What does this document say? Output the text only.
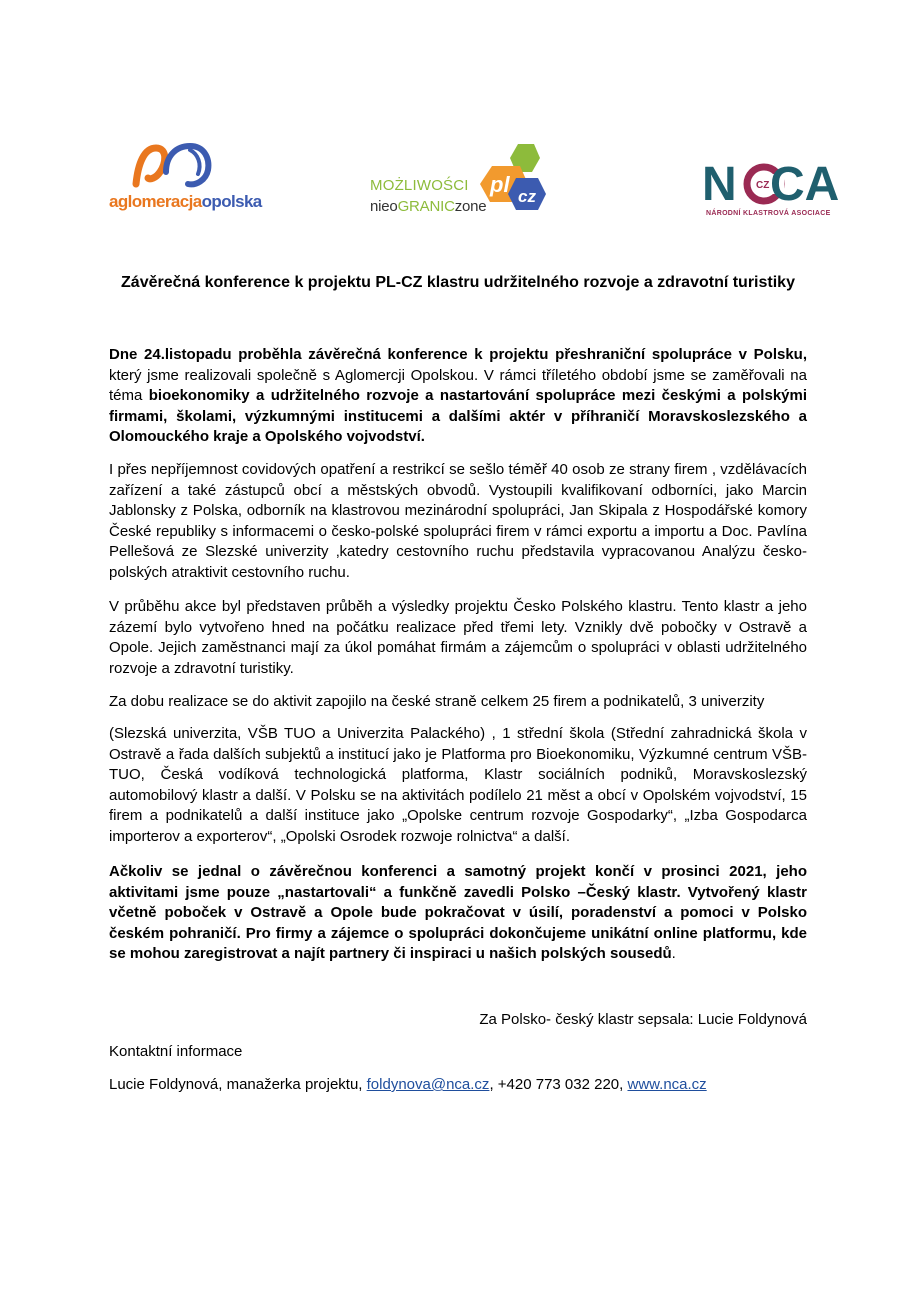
aglomeracjaopolska
pl cz
MOŻLIWOŚCI
nieoGRANICzone	N CZ CA
NÁRODNÍ KLASTROVÁ ASOCIACE
Závěrečná konference k projektu PL-CZ klastru udržitelného rozvoje a zdravotní turistiky

Dne 24.listopadu proběhla závěrečná konference k projektu přeshraniční spolupráce v Polsku, který jsme realizovali společně s Aglomercji Opolskou. V rámci tříletého období jsme se zaměřovali na téma bioekonomiky a udržitelného rozvoje a nastartování spolupráce mezi českými a polskými firmami, školami, výzkumnými institucemi a dalšími aktér v příhraničí Moravskoslezského a Olomouckého kraje a Opolského vojvodství.

I přes nepříjemnost covidových opatření a restrikcí se sešlo téměř 40 osob ze strany firem , vzdělávacích zařízení a také zástupců obcí a městských obvodů. Vystoupili kvalifikovaní odborníci, jako Marcin Jablonsky z Polska, odborník na klastrovou mezinárodní spolupráci, Jan Skipala z Hospodářské komory České republiky s informacemi o česko-polské spolupráci firem v rámci exportu a importu a Doc. Pavlína Pellešová ze Slezské univerzity ‚katedry cestovního ruchu představila vypracovanou Analýzu česko-polských atraktivit cestovního ruchu.

V průběhu akce byl představen průběh a výsledky projektu Česko Polského klastru. Tento klastr a jeho zázemí bylo vytvořeno hned na počátku realizace před třemi lety. Vznikly dvě pobočky v Ostravě a Opole. Jejich zaměstnanci mají za úkol pomáhat firmám a zájemcům o spolupráci v oblasti udržitelného rozvoje a zdravotní turistiky.

Za dobu realizace se do aktivit zapojilo na české straně celkem 25 firem a podnikatelů, 3 univerzity

(Slezská univerzita, VŠB TUO a Univerzita Palackého) , 1 střední škola (Střední zahradnická škola v Ostravě a řada dalších subjektů a institucí jako je Platforma pro Bioekonomiku, Výzkumné centrum VŠB-TUO, Česká vodíková technologická platforma, Klastr sociálních podniků, Moravskoslezský automobilový klastr a další. V Polsku se na aktivitách podílelo 21 měst a obcí v Opolském vojvodství, 15 firem a podnikatelů a další instituce jako „Opolske centrum rozvoje Gospodarky“, „Izba Gospodarca importerov a exporterov“, „Opolski Osrodek rozwoje rolnictva“ a další.

Ačkoliv se jednal o závěrečnou konferenci a samotný projekt končí v prosinci 2021, jeho aktivitami jsme pouze „nastartovali“ a funkčně zavedli Polsko –Český klastr. Vytvořený klastr včetně poboček v Ostravě a Opole bude pokračovat v úsilí, poradenství a pomoci v Polsko českém pohraničí. Pro firmy a zájemce o spolupráci dokončujeme unikátní online platformu, kde se mohou zaregistrovat a najít partnery či inspiraci u našich polských sousedů.

Za Polsko- český klastr sepsala: Lucie Foldynová

Kontaktní informace

Lucie Foldynová, manažerka projektu, foldynova@nca.cz, +420 773 032 220, www.nca.cz
